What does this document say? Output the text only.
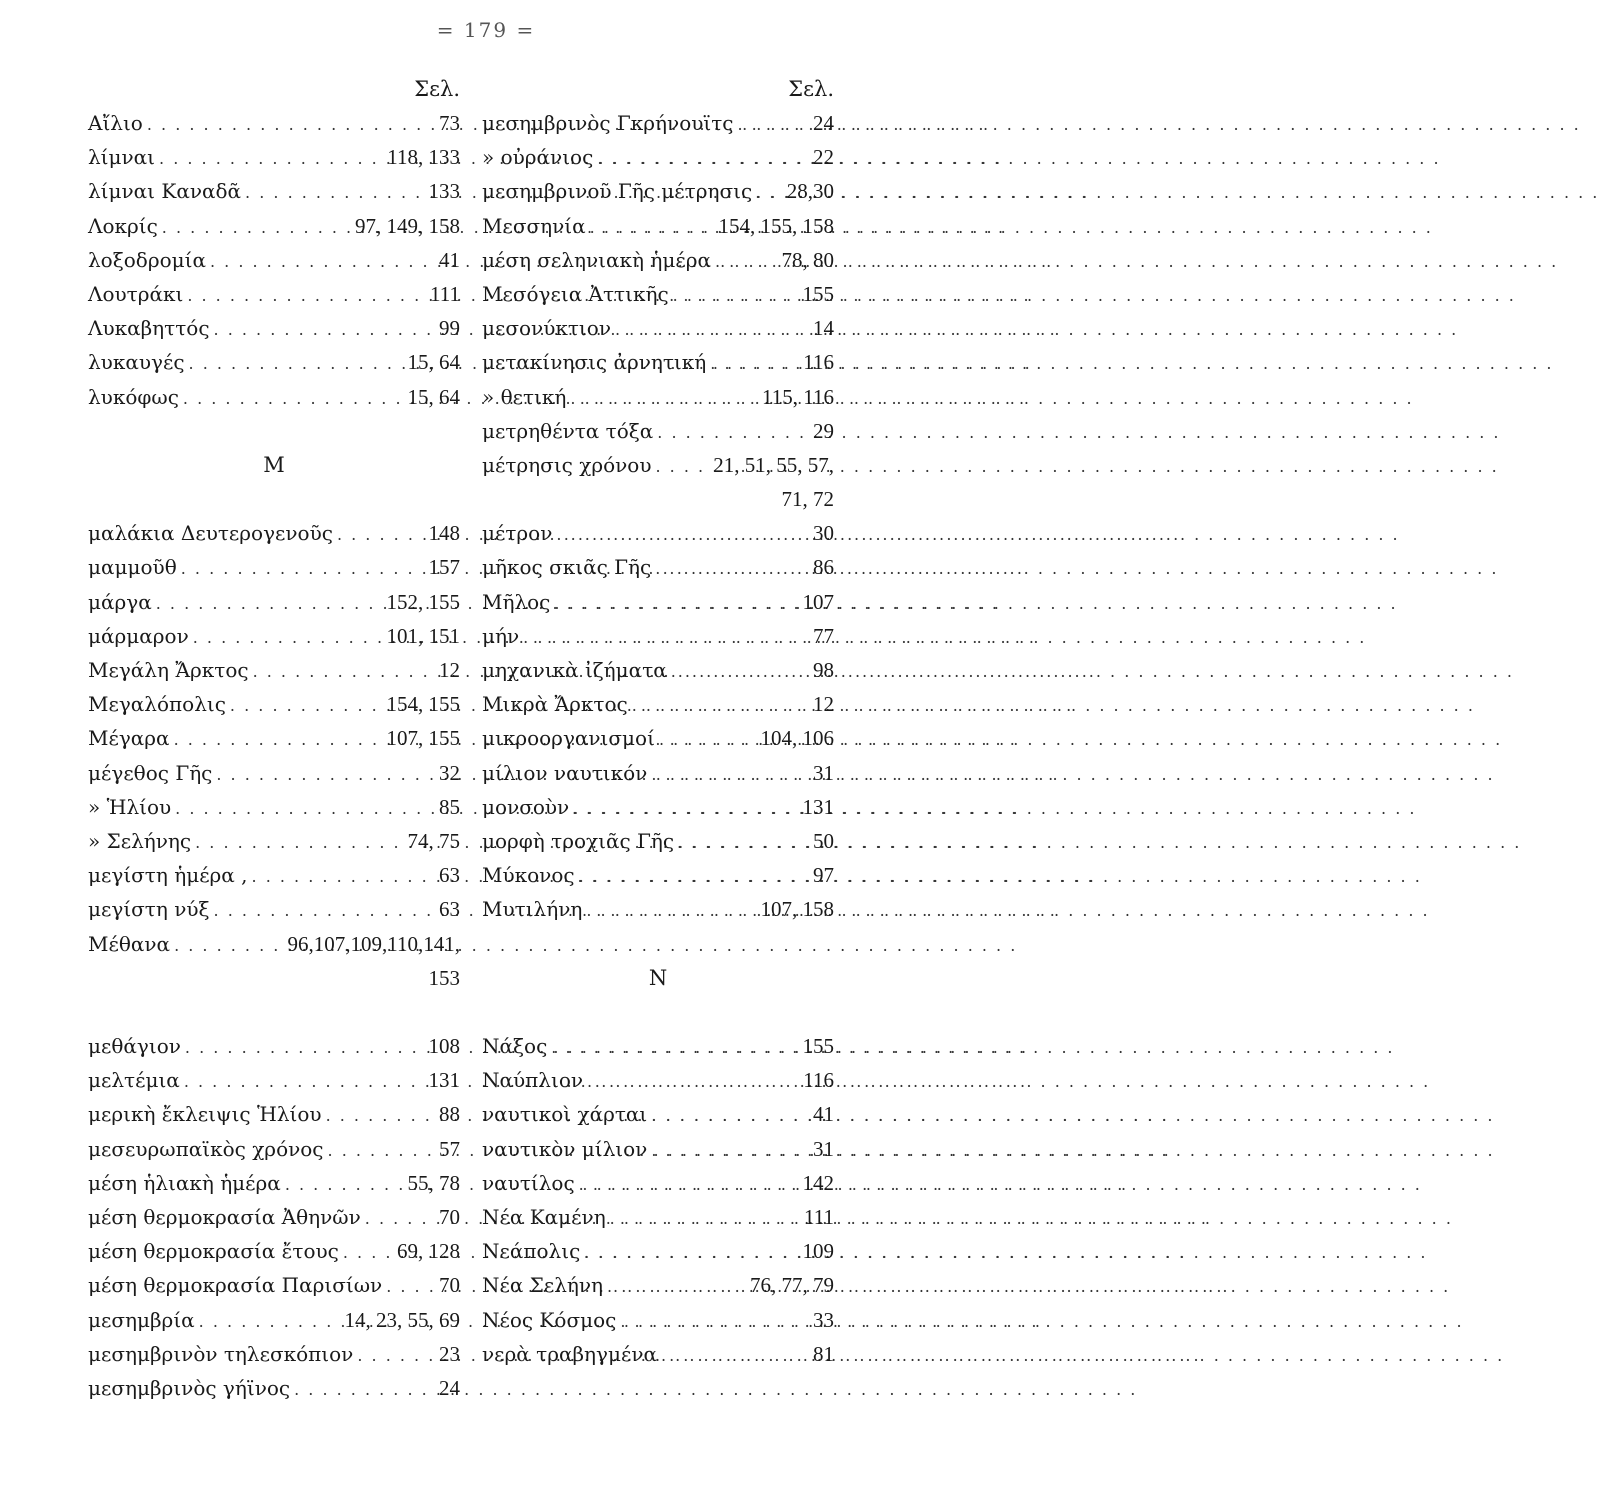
= 179 =
Σελ.
Αἴλιο . . .	73
λίμναι . . .	118, 133
λίμναι Καναδᾶ . . .	133
Λοκρίς . . .	97, 149, 158
λοξοδρομία . . .	41
Λουτράκι . . .	111
Λυκαβηττός . . .	99
λυκαυγές . . .	15, 64
λυκόφως . . .	15, 64
Μ
μαλάκια Δευτερογενοῦς . . .	148
μαμμοῦθ . . .	157
μάργα . . .	152, 155
μάρμαρον . . .	101, 151
Μεγάλη Ἄρκτος . . .	12
Μεγαλόπολις . . .	154, 155
Μέγαρα . . .	107, 155
μέγεθος Γῆς . . .	32
» Ἡλίου . . .	85
» Σελήνης . . .	74, 75
μεγίστη ἡμέρα , . . .	63
μεγίστη νύξ . . .	63
Μέθανα . . .	96,107,109,110,141,
153
μεθάγιον . . .	108
μελτέμια . . .	131
μερικὴ ἔκλειψις Ἡλίου . . .	88
μεσευρωπαϊκὸς χρόνος . . .	57
μέση ἡλιακὴ ἡμέρα . . .	55, 78
μέση θερμοκρασία Ἀθηνῶν . . .	70
μέση θερμοκρασία ἔτους . . .	69, 128
μέση θερμοκρασία Παρισίων . . .	70
μεσημβρία . . .	14, 23, 55, 69
μεσημβρινὸν τηλεσκόπιον . . .	23
μεσημβρινὸς γήϊνος . . .	24
Σελ.
μεσημβρινὸς Γκρήνουϊτς . . .	24
» οὐράνιος . . .	22
μεσημβρινοῦ Γῆς μέτρησις . . . 28,30
Μεσσηνία . . .	154, 155, 158
μέση σεληνιακὴ ἡμέρα . . .	78, 80
Μεσόγεια Ἀττικῆς . . .	155
μεσονύκτιον . . .	14
μετακίνησις ἀρνητική . . .	116
» θετική . . .	115, 116
μετρηθέντα τόξα . . .	29
μέτρησις χρόνου . . .	21, 51, 55, 57,
71, 72
μέτρον . . .	30
μῆκος σκιᾶς Γῆς . . .	86
Μῆλος . . .	107
μήν . . .	77
μηχανικὰ ἰζήματα . . .	98
Μικρὰ Ἄρκτος . . .	12
μικροοργανισμοί . . .	104, 106
μίλιον ναυτικόν . . .	31
μονσοὺν . . .	131
μορφὴ τροχιᾶς Γῆς . . .	50
Μύκονος . . .	97
Μυτιλήνη . . .	107, 158
Ν
Νάξος . . .	155
Ναύπλιον . . .	116
ναυτικοὶ χάρται . . .	41
ναυτικὸν μίλιον . . .	31
ναυτίλος . . .	142
Νέα Καμένη . . .	111
Νεάπολις . . .	109
Νέα Σελήνη . . .	76, 77, 79
Νέος Κόσμος . . .	33
νερὰ τραβηγμένα . . .	81
